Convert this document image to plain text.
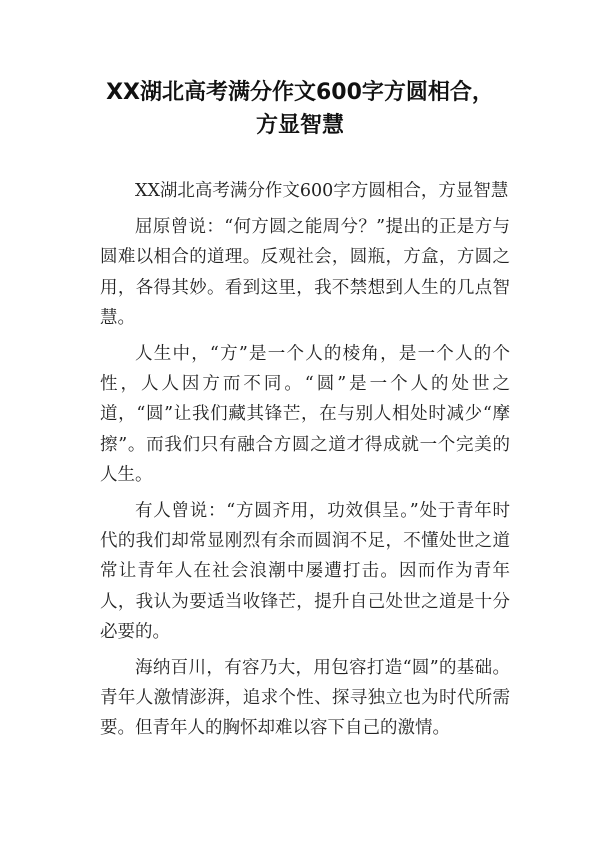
XX湖北高考满分作文600字方圆相合，
方显智慧

XX湖北高考满分作文600字方圆相合，方显智慧

屈原曾说：“何方圆之能周兮？”提出的正是方与圆难以相合的道理。反观社会，圆瓶，方盒，方圆之用，各得其妙。看到这里，我不禁想到人生的几点智慧。

人生中，“方”是一个人的棱角，是一个人的个性，人人因方而不同。“圆”是一个人的处世之道，“圆”让我们藏其锋芒，在与别人相处时减少“摩擦”。而我们只有融合方圆之道才得成就一个完美的人生。

有人曾说：“方圆齐用，功效俱呈。”处于青年时代的我们却常显刚烈有余而圆润不足，不懂处世之道常让青年人在社会浪潮中屡遭打击。因而作为青年人，我认为要适当收锋芒，提升自己处世之道是十分必要的。

海纳百川，有容乃大，用包容打造“圆”的基础。青年人激情澎湃，追求个性、探寻独立也为时代所需要。但青年人的胸怀却难以容下自己的激情。
